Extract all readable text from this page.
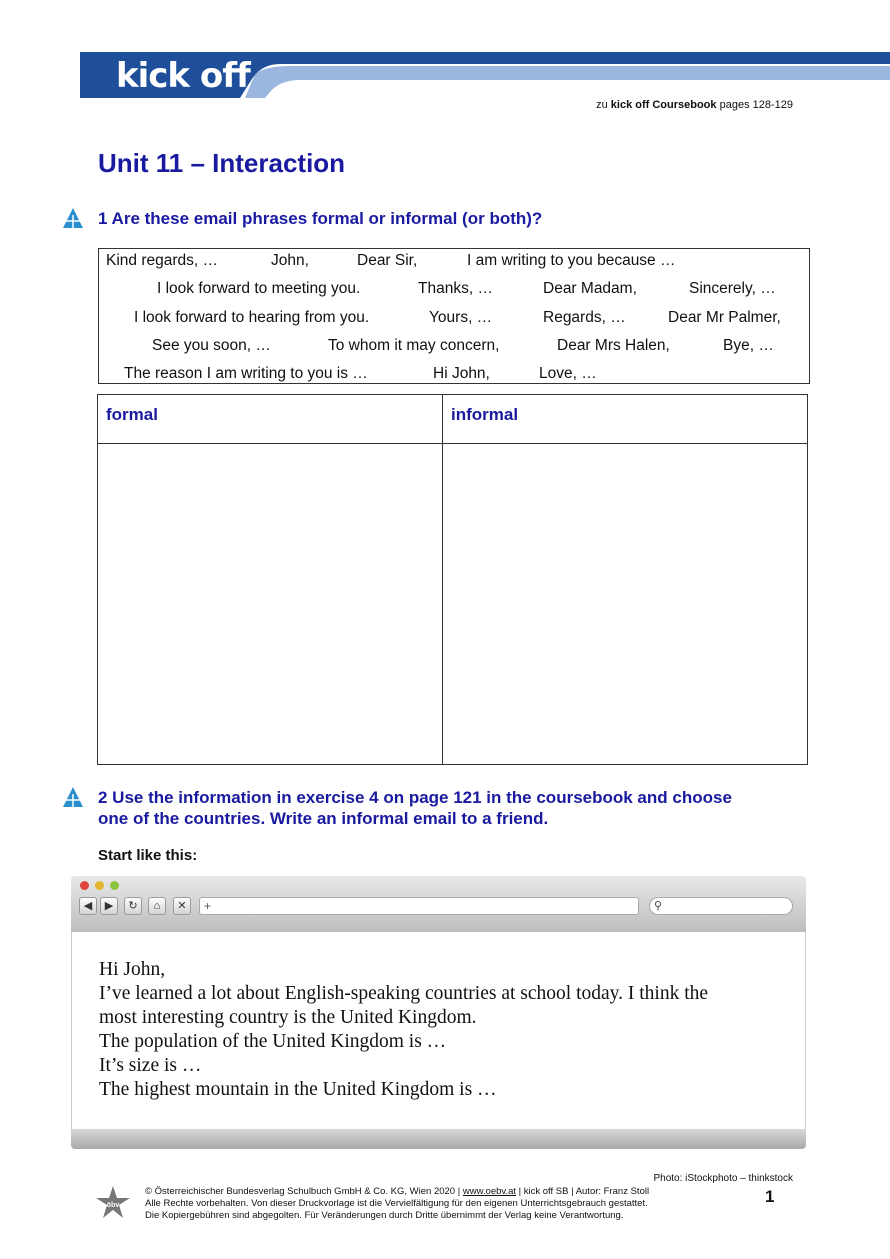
kick off
zu kick off Coursebook pages 128-129
Unit 11 – Interaction
1 Are these email phrases formal or informal (or both)?
Kind regards, …	John,	Dear Sir,	I am writing to you because …
I look forward to meeting you.	Thanks, …	Dear Madam,	Sincerely, …
I look forward to hearing from you.	Yours, …	Regards, …	Dear Mr Palmer,
See you soon, …	To whom it may concern,	Dear Mrs Halen,	Bye, …
The reason I am writing to you is …	Hi John,	Love, …
formal	informal
2 Use the information in exercise 4 on page 121 in the coursebook and choose
one of the countries. Write an informal email to a friend.
Start like this:
◀	▶	↻	⌂	✕	+	⚲
Hi John,
I’ve learned a lot about English-speaking countries at school today. I think the
most interesting country is the United Kingdom.
The population of the United Kingdom is …
It’s size is …
The highest mountain in the United Kingdom is …
Photo: iStockphoto – thinkstock
öbv
© Österreichischer Bundesverlag Schulbuch GmbH & Co. KG, Wien 2020 | www.oebv.at | kick off SB | Autor: Franz Stoll
Alle Rechte vorbehalten. Von dieser Druckvorlage ist die Vervielfältigung für den eigenen Unterrichtsgebrauch gestattet.
Die Kopiergebühren sind abgegolten. Für Veränderungen durch Dritte übernimmt der Verlag keine Verantwortung.
1
